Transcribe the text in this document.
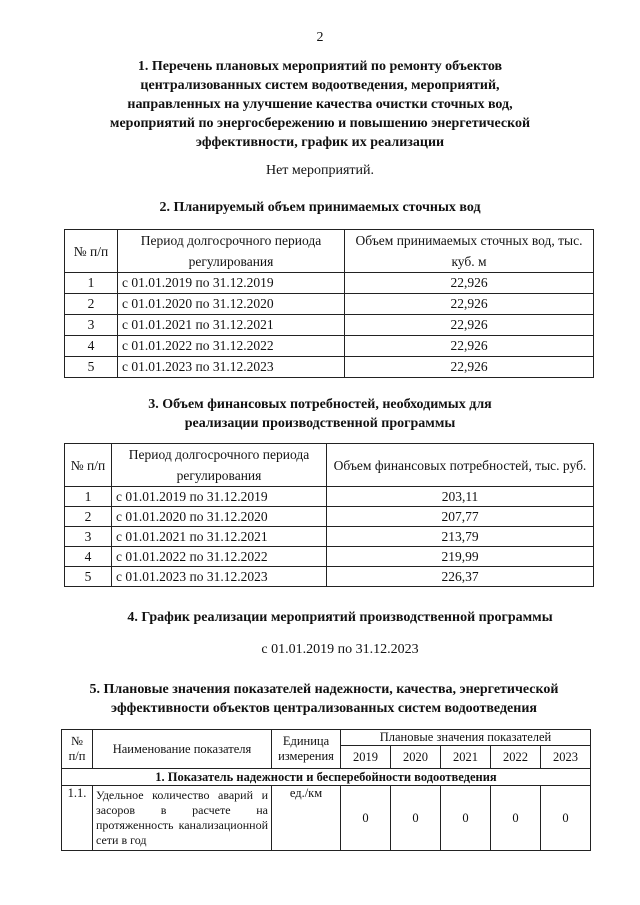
2
1. Перечень плановых мероприятий по ремонту объектов
централизованных систем водоотведения, мероприятий,
направленных на улучшение качества очистки сточных вод,
мероприятий по энергосбережению и повышению энергетической
эффективности, график их реализации
Нет мероприятий.
2. Планируемый объем принимаемых сточных вод
№ п/п	Период долгосрочного периода регулирования	Объем принимаемых сточных вод, тыс. куб. м
1	с 01.01.2019 по 31.12.2019	22,926
2	с 01.01.2020 по 31.12.2020	22,926
3	с 01.01.2021 по 31.12.2021	22,926
4	с 01.01.2022 по 31.12.2022	22,926
5	с 01.01.2023 по 31.12.2023	22,926
3. Объем финансовых потребностей, необходимых для
реализации производственной программы
№ п/п	Период долгосрочного периода регулирования	Объем финансовых потребностей, тыс. руб.
1	с 01.01.2019 по 31.12.2019	203,11
2	с 01.01.2020 по 31.12.2020	207,77
3	с 01.01.2021 по 31.12.2021	213,79
4	с 01.01.2022 по 31.12.2022	219,99
5	с 01.01.2023 по 31.12.2023	226,37
4. График реализации мероприятий производственной программы
с 01.01.2019 по 31.12.2023
5. Плановые значения показателей надежности, качества, энергетической
эффективности объектов централизованных систем водоотведения
№ п/п	Наименование показателя	Единица измерения	Плановые значения показателей				
			2019	2020	2021	2022	2023
1. Показатель надежности и бесперебойности водоотведения							
1.1.	Удельное количество аварий и засоров в расчете на протяженность канализационной сети в год	ед./км	0	0	0	0	0
